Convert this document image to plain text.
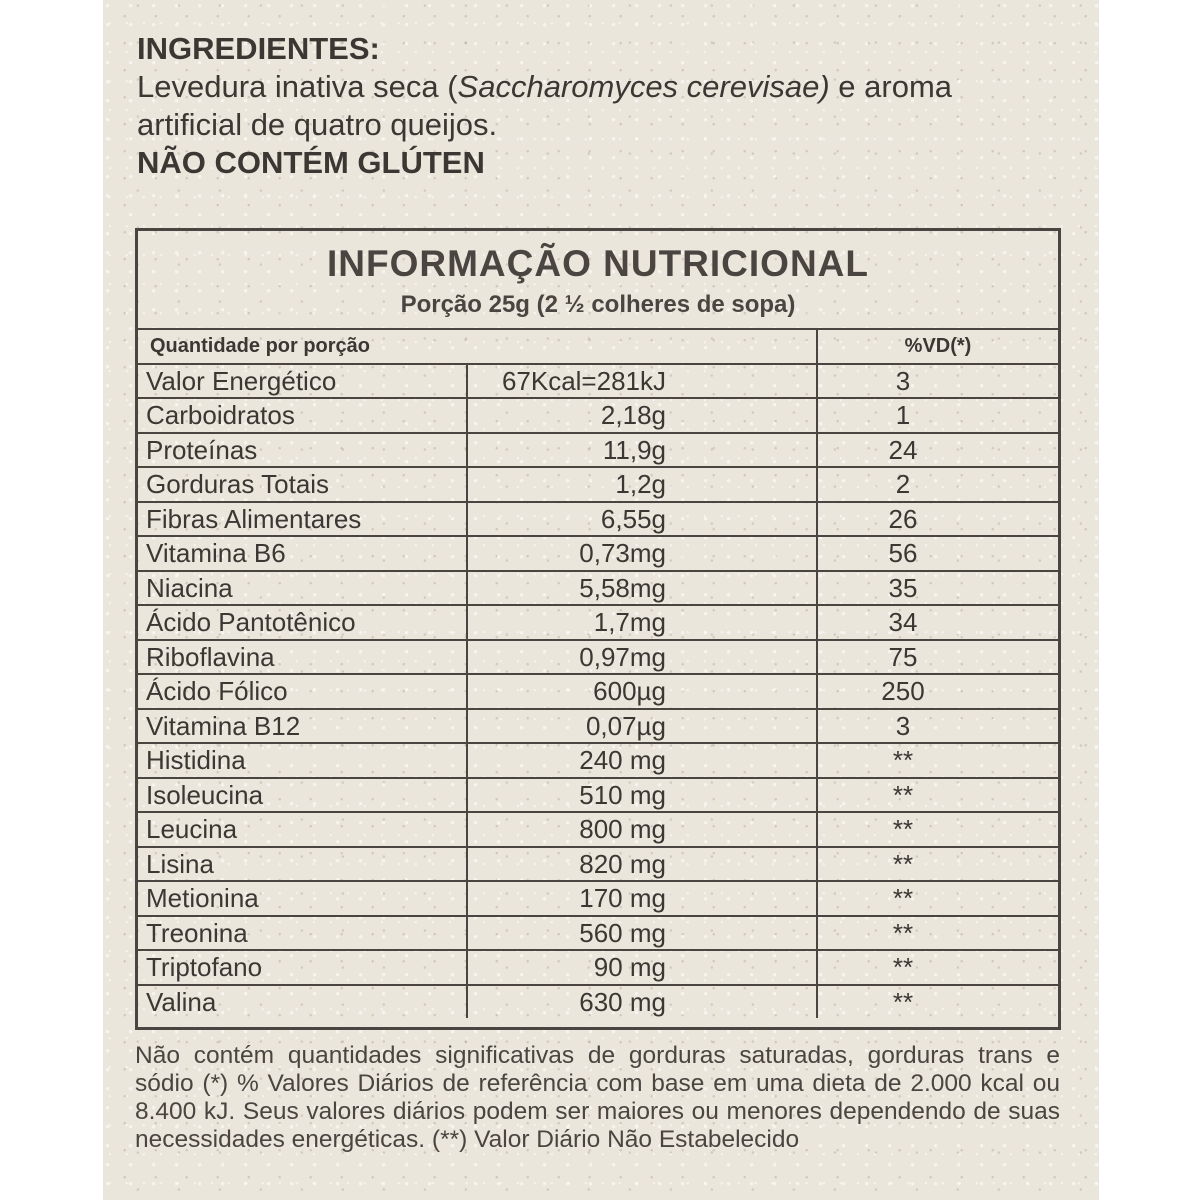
INGREDIENTES:

Levedura inativa seca (Saccharomyces cerevisae) e aroma artificial de quatro queijos.

NÃO CONTÉM GLÚTEN

INFORMAÇÃO NUTRICIONAL
Porção 25g (2 ½ colheres de sopa)
Quantidade por porção		%VD(*)
Valor Energético	67Kcal=281kJ	3
Carboidratos	2,18g	1
Proteínas	11,9g	24
Gorduras Totais	1,2g	2
Fibras Alimentares	6,55g	26
Vitamina B6	0,73mg	56
Niacina	5,58mg	35
Ácido Pantotênico	1,7mg	34
Riboflavina	0,97mg	75
Ácido Fólico	600µg	250
Vitamina B12	0,07µg	3
Histidina	240 mg	**
Isoleucina	510 mg	**
Leucina	800 mg	**
Lisina	820 mg	**
Metionina	170 mg	**
Treonina	560 mg	**
Triptofano	90 mg	**
Valina	630 mg	**
Não contém quantidades significativas de gorduras saturadas, gorduras trans e sódio (*) % Valores Diários de referência com base em uma dieta de 2.000 kcal ou 8.400 kJ. Seus valores diários podem ser maiores ou menores dependendo de suas necessidades energéticas. (**) Valor Diário Não Estabelecido
